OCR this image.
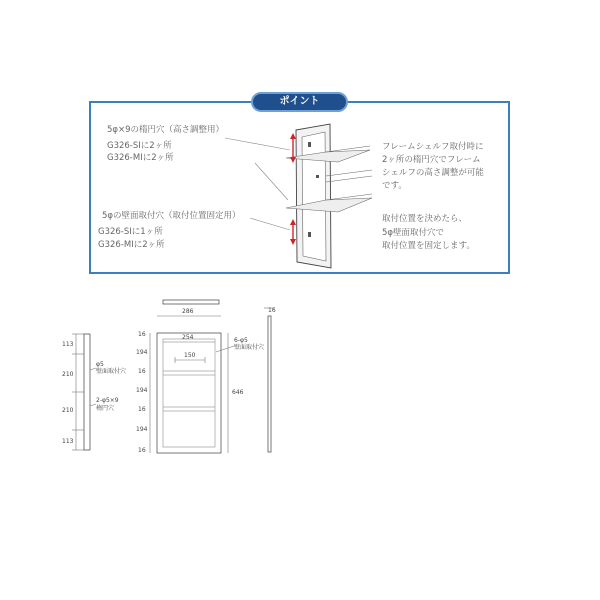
ポイント
5φ×9の楕円穴（高さ調整用）
G326-SIに2ヶ所
G326-MIに2ヶ所
5φの壁面取付穴（取付位置固定用）
G326-SIに1ヶ所
G326-MIに2ヶ所
フレームシェルフ取付時に
2ヶ所の楕円穴でフレーム
シェルフの高さ調整が可能
です。
取付位置を決めたら、
5φ壁面取付穴で
取付位置を固定します。
113
210
210
113
φ5
壁面取付穴
2-φ5×9
楕円穴
286
254
150
16
194
16
194
16
194
16
646
6-φ5
壁面取付穴
16
